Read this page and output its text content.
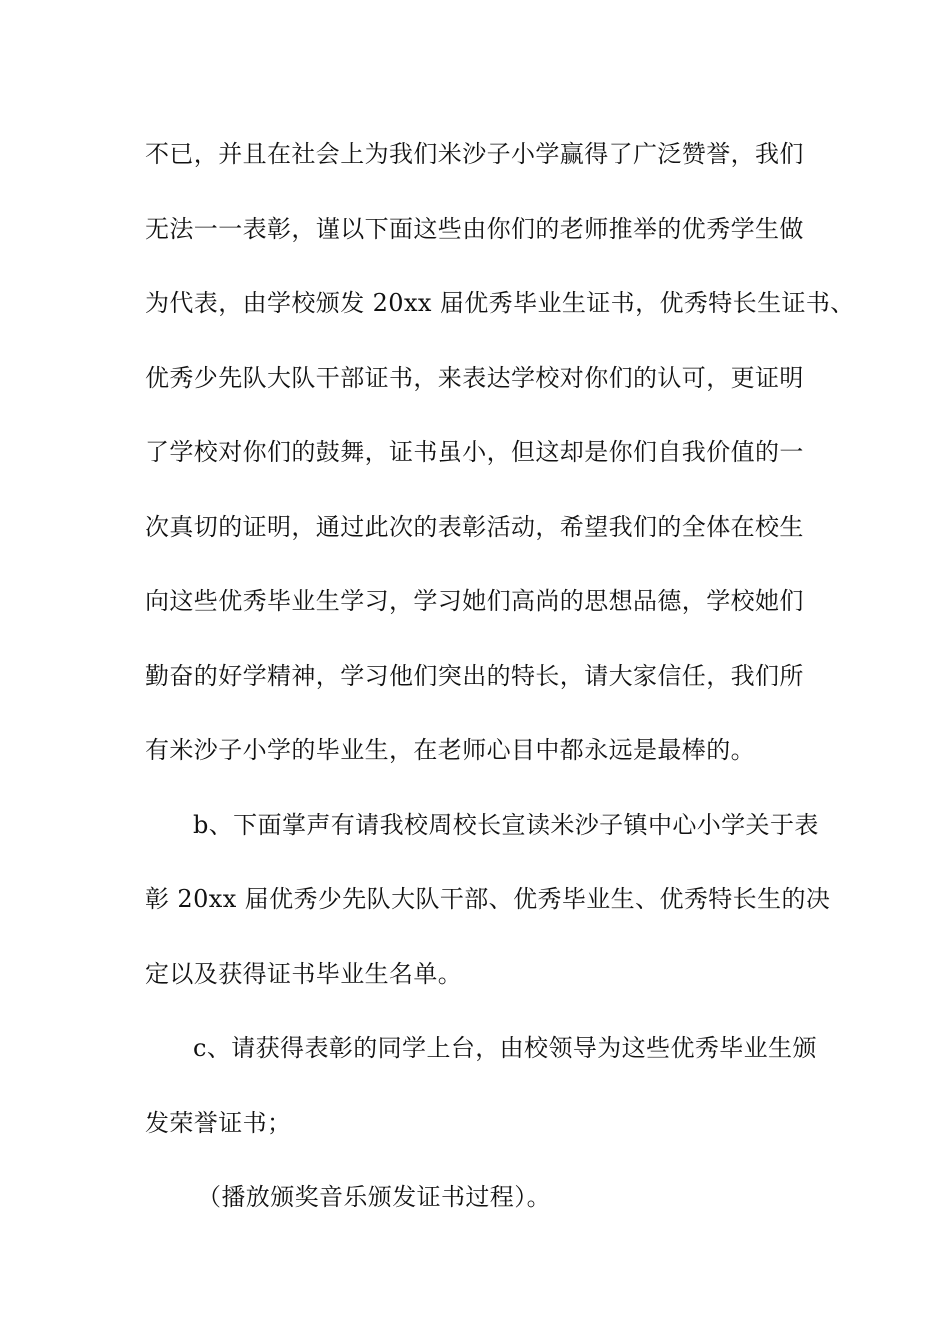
不已，并且在社会上为我们米沙子小学赢得了广泛赞誉，我们
无法一一表彰，谨以下面这些由你们的老师推举的优秀学生做
为代表，由学校颁发 20xx 届优秀毕业生证书，优秀特长生证书、
优秀少先队大队干部证书，来表达学校对你们的认可，更证明
了学校对你们的鼓舞，证书虽小，但这却是你们自我价值的一
次真切的证明，通过此次的表彰活动，希望我们的全体在校生
向这些优秀毕业生学习，学习她们高尚的思想品德，学校她们
勤奋的好学精神，学习他们突出的特长，请大家信任，我们所
有米沙子小学的毕业生，在老师心目中都永远是最棒的。
b、下面掌声有请我校周校长宣读米沙子镇中心小学关于表
彰 20xx 届优秀少先队大队干部、优秀毕业生、优秀特长生的决
定以及获得证书毕业生名单。
c、请获得表彰的同学上台，由校领导为这些优秀毕业生颁
发荣誉证书；
（播放颁奖音乐颁发证书过程）。
